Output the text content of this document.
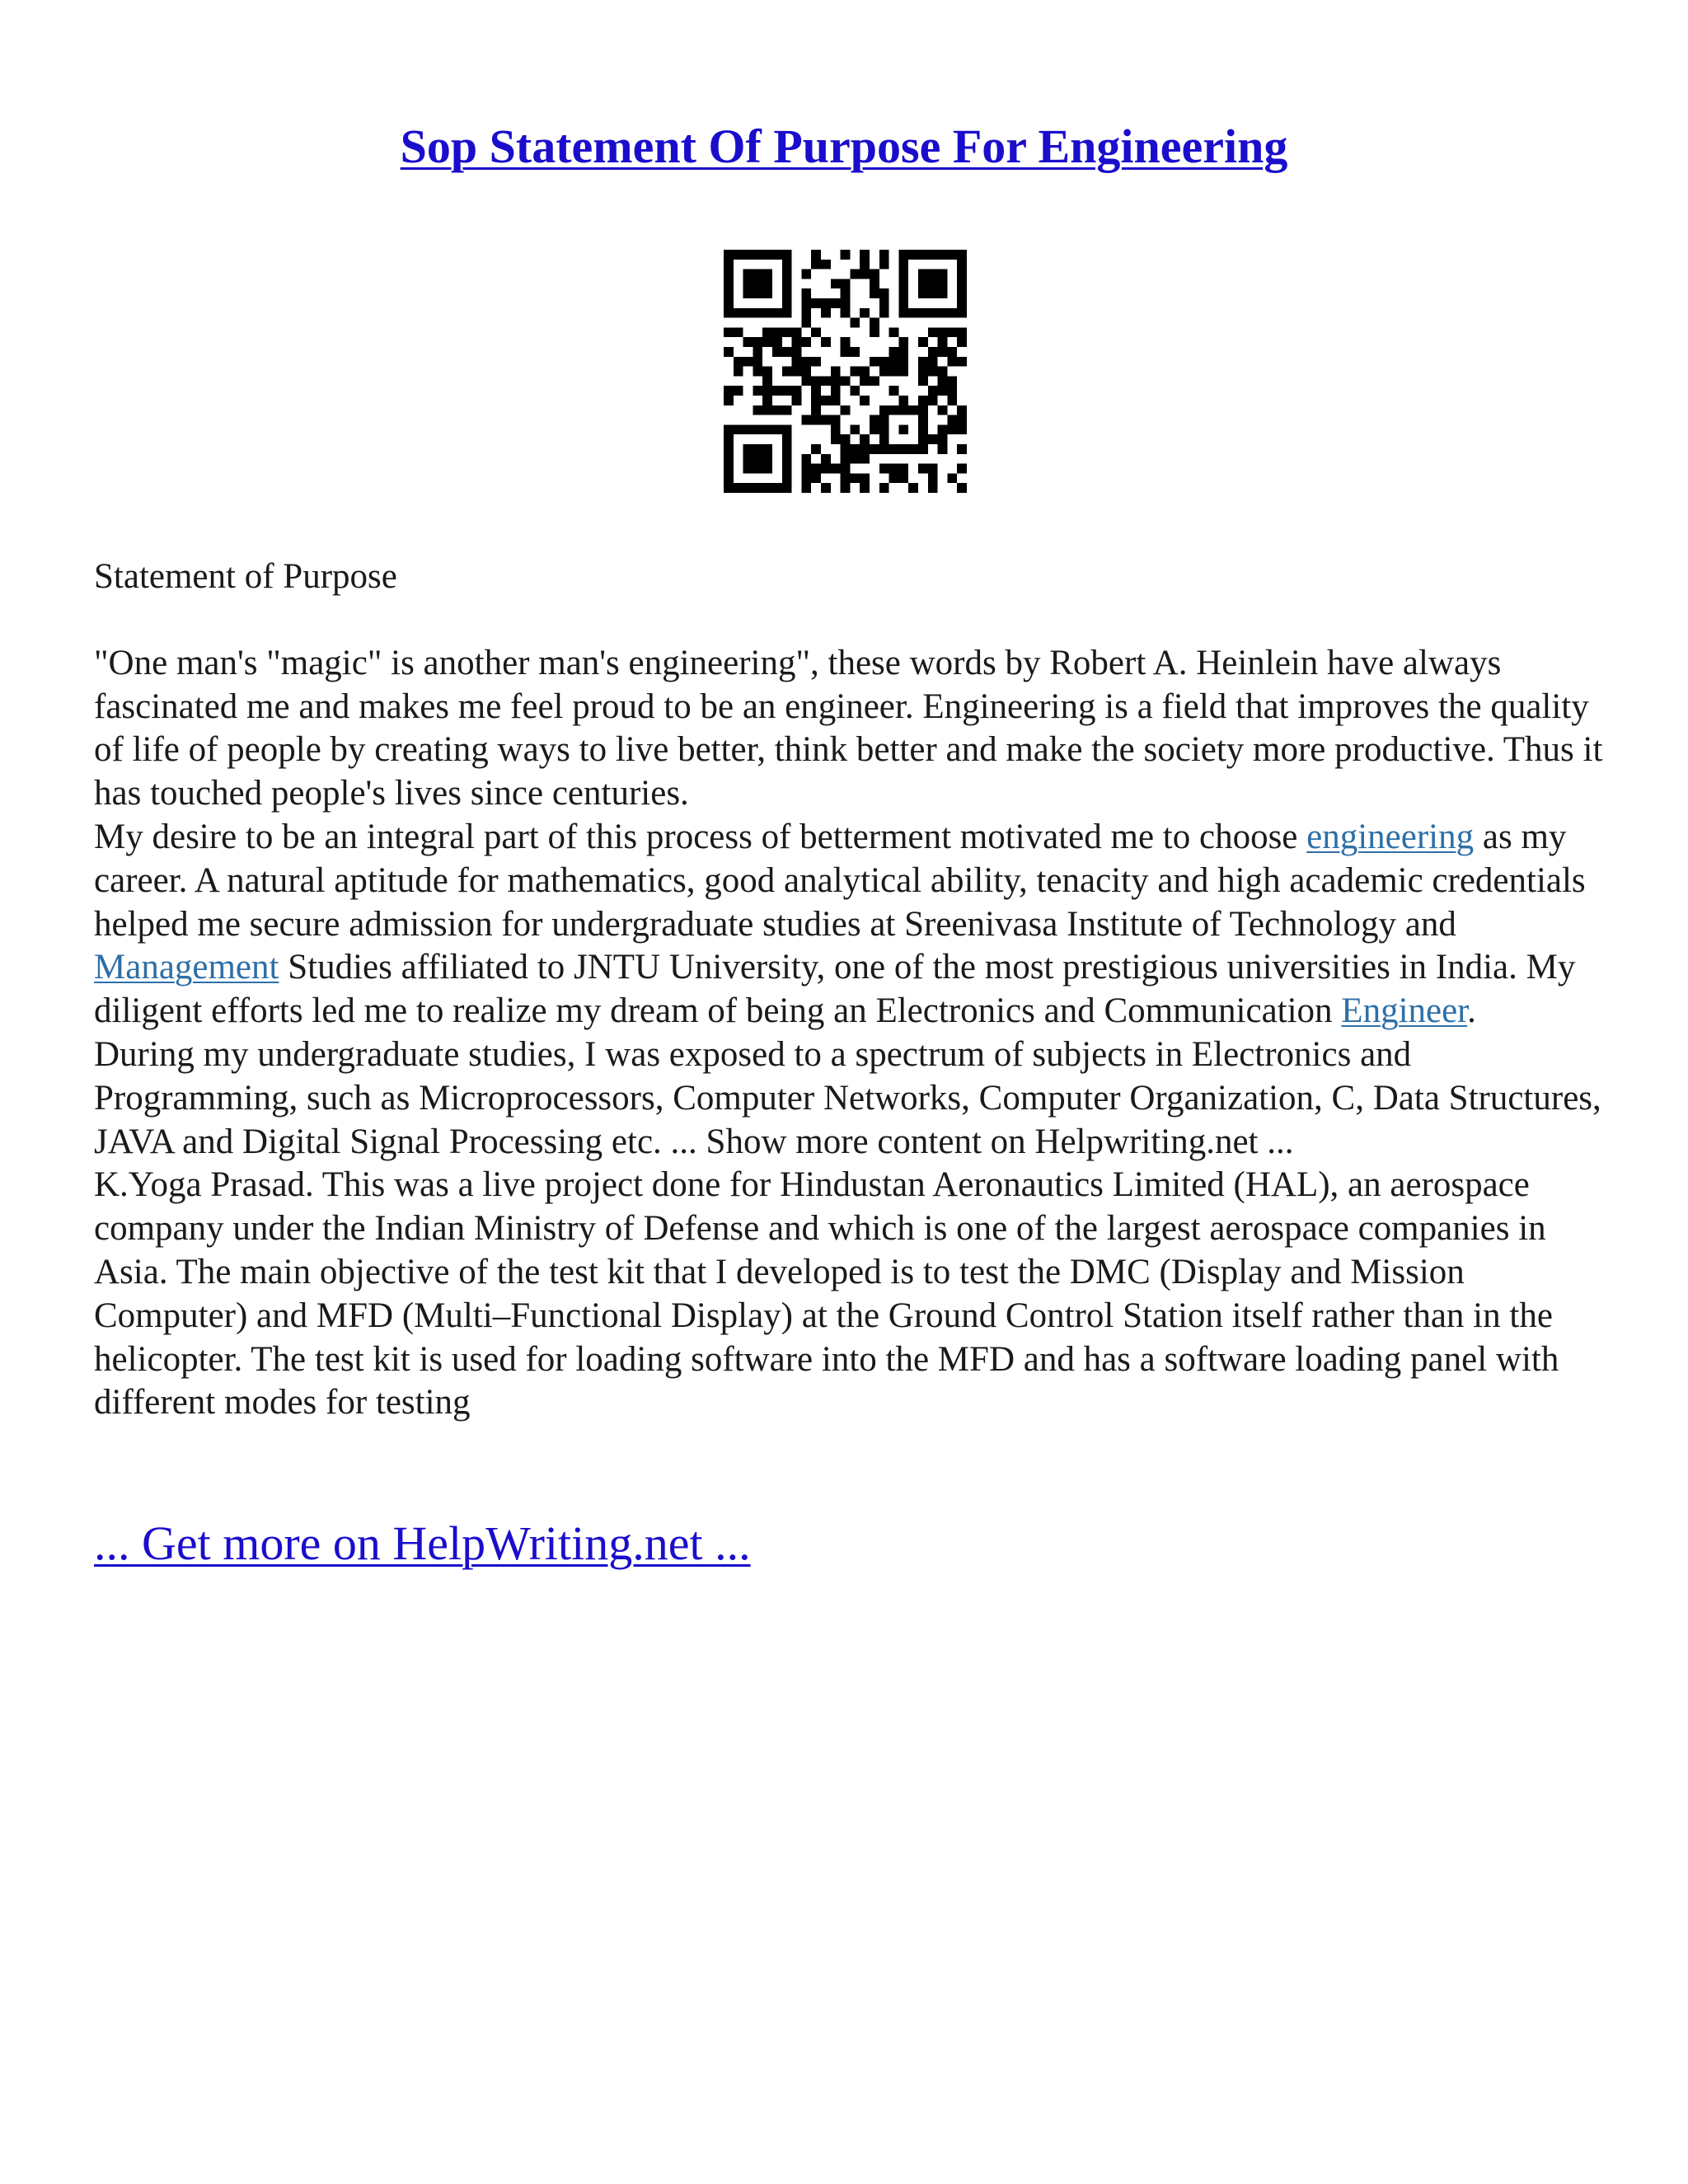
Sop Statement Of Purpose For Engineering

Statement of Purpose

"One man's "magic" is another man's engineering", these words by Robert A. Heinlein have always fascinated me and makes me feel proud to be an engineer. Engineering is a field that improves the quality of life of people by creating ways to live better, think better and make the society more productive. Thus it has touched people's lives since centuries.

My desire to be an integral part of this process of betterment motivated me to choose engineering as my career. A natural aptitude for mathematics, good analytical ability, tenacity and high academic credentials helped me secure admission for undergraduate studies at Sreenivasa Institute of Technology and Management Studies affiliated to JNTU University, one of the most prestigious universities in India. My diligent efforts led me to realize my dream of being an Electronics and Communication Engineer.

During my undergraduate studies, I was exposed to a spectrum of subjects in Electronics and Programming, such as Microprocessors, Computer Networks, Computer Organization, C, Data Structures, JAVA and Digital Signal Processing etc. ... Show more content on Helpwriting.net ...

K.Yoga Prasad. This was a live project done for Hindustan Aeronautics Limited (HAL), an aerospace company under the Indian Ministry of Defense and which is one of the largest aerospace companies in Asia. The main objective of the test kit that I developed is to test the DMC (Display and Mission Computer) and MFD (Multi–Functional Display) at the Ground Control Station itself rather than in the helicopter. The test kit is used for loading software into the MFD and has a software loading panel with different modes for testing

... Get more on HelpWriting.net ...
